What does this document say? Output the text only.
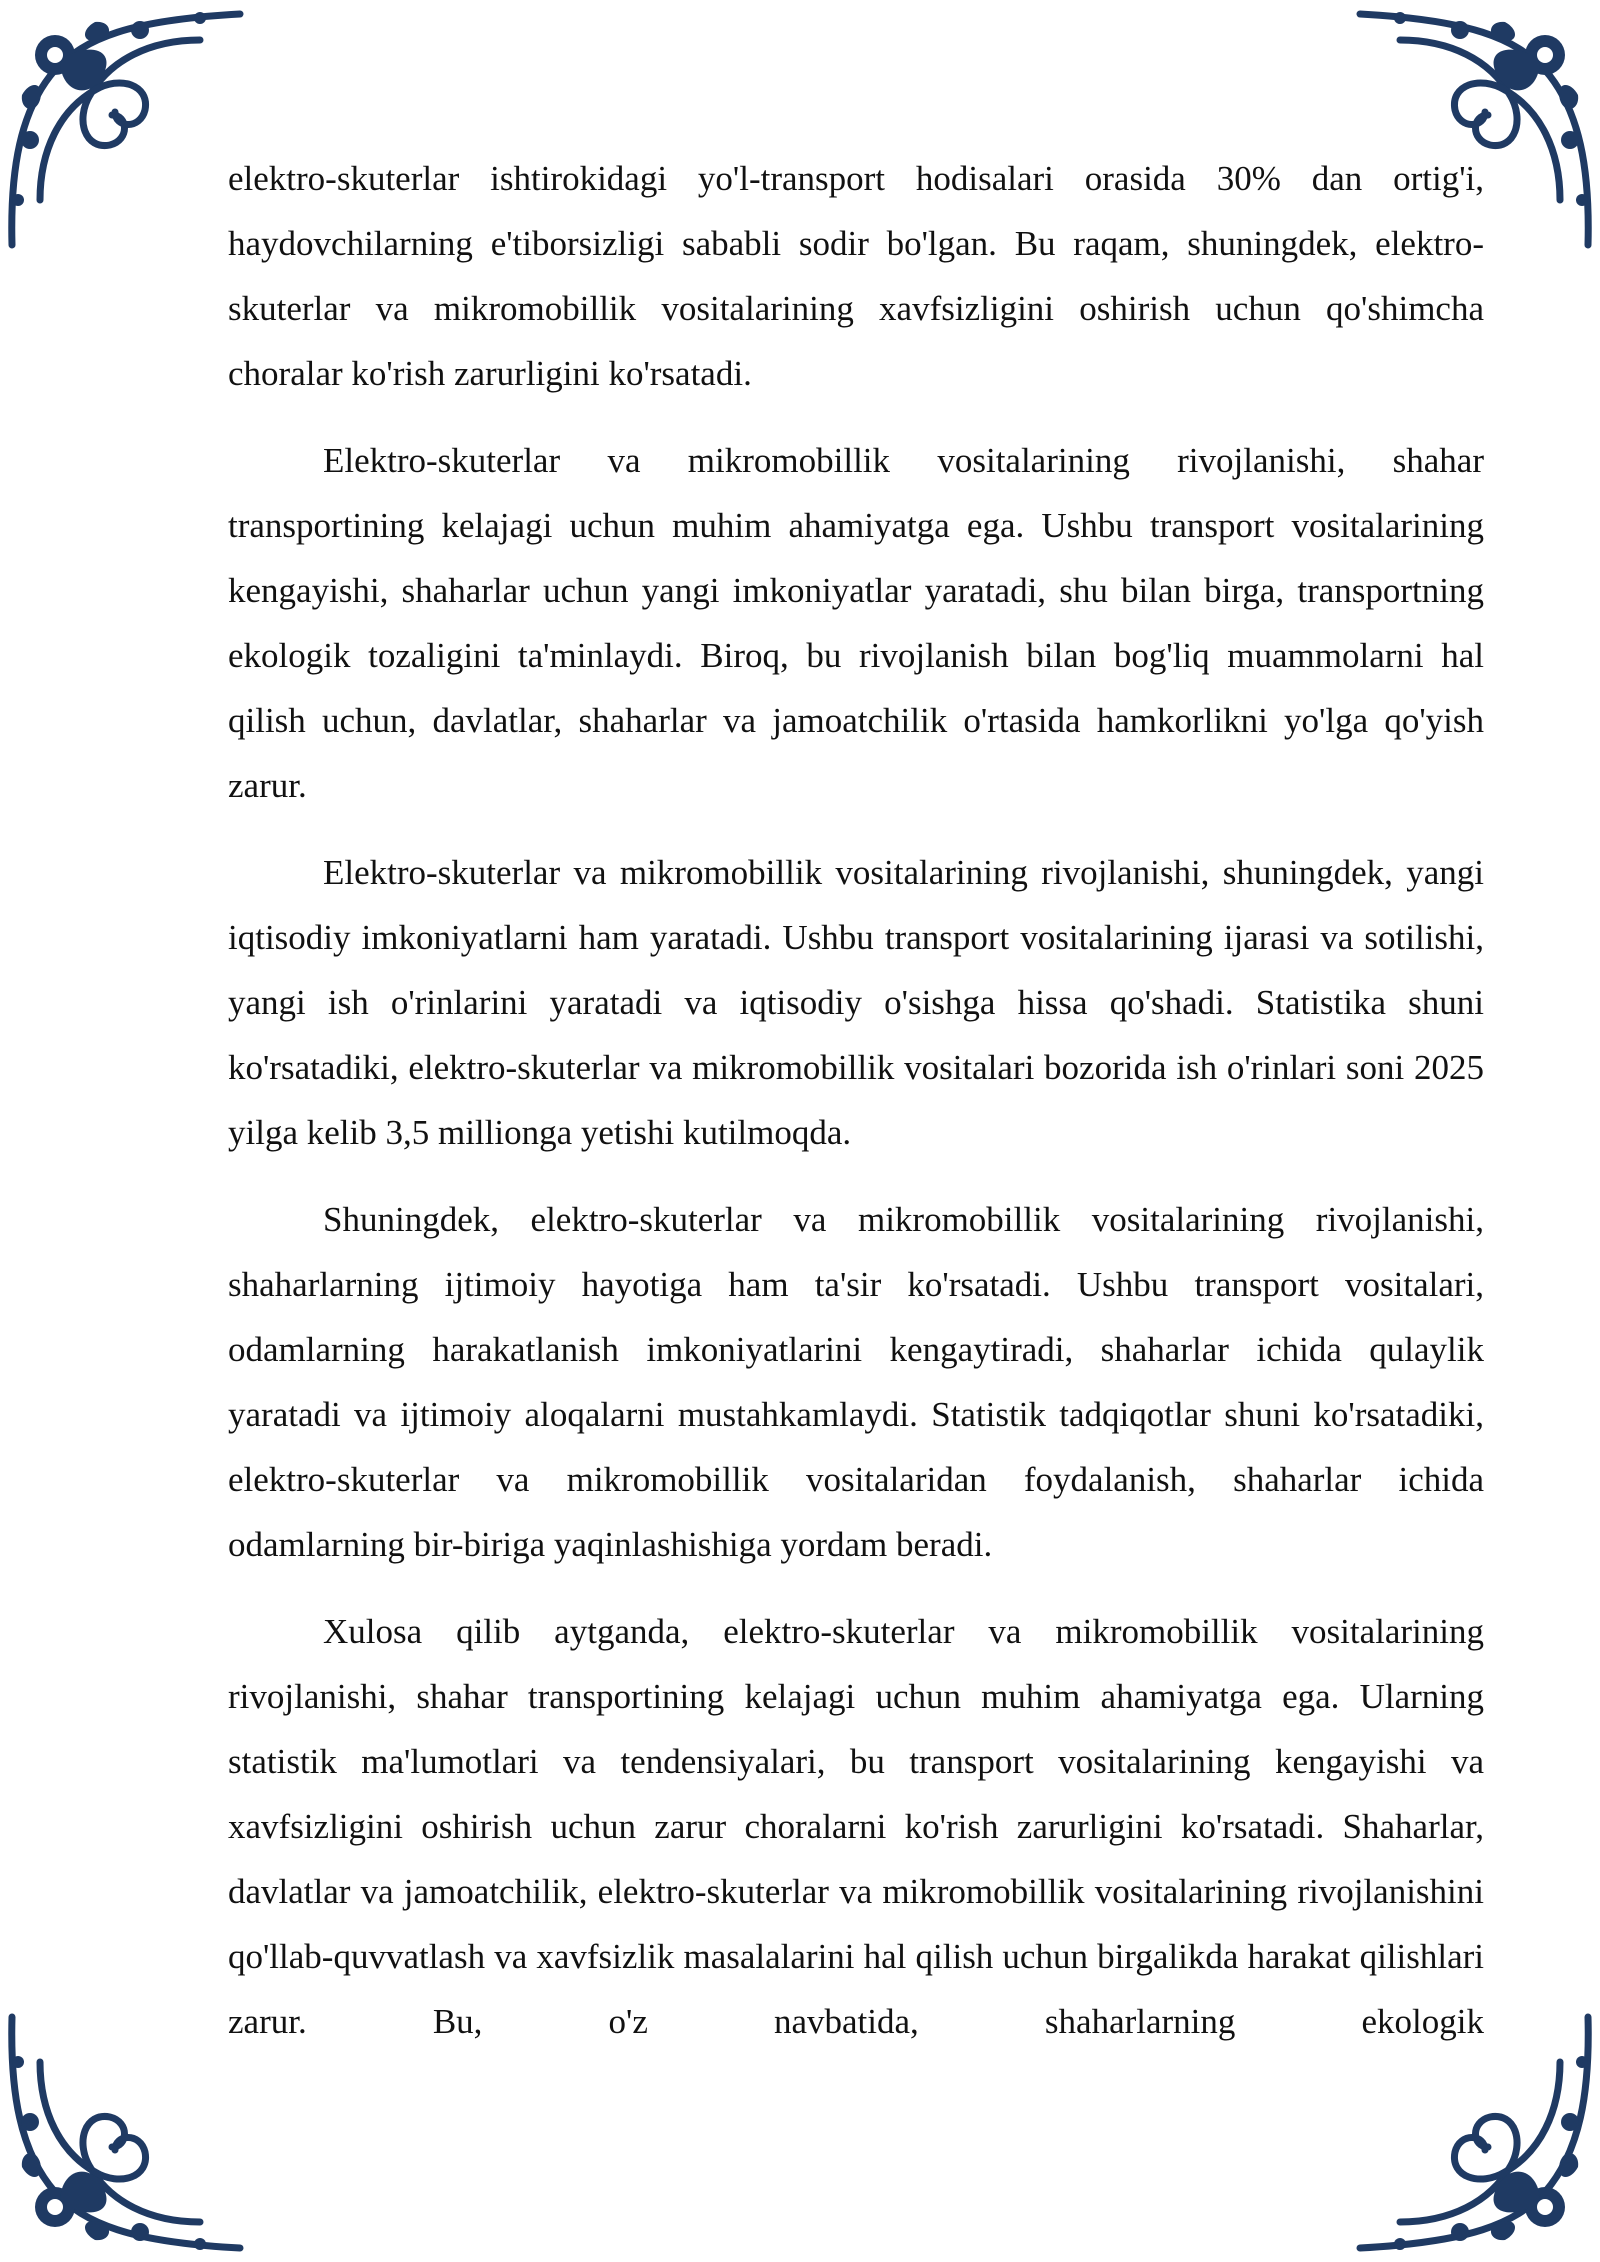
elektro-skuterlar ishtirokidagi yo'l-transport hodisalari orasida 30% dan ortig'i, haydovchilarning e'tiborsizligi sababli sodir bo'lgan. Bu raqam, shuningdek, elektro-skuterlar va mikromobillik vositalarining xavfsizligini oshirish uchun qo'shimcha choralar ko'rish zarurligini ko'rsatadi.

Elektro-skuterlar va mikromobillik vositalarining rivojlanishi, shahar transportining kelajagi uchun muhim ahamiyatga ega. Ushbu transport vositalarining kengayishi, shaharlar uchun yangi imkoniyatlar yaratadi, shu bilan birga, transportning ekologik tozaligini ta'minlaydi. Biroq, bu rivojlanish bilan bog'liq muammolarni hal qilish uchun, davlatlar, shaharlar va jamoatchilik o'rtasida hamkorlikni yo'lga qo'yish zarur.

Elektro-skuterlar va mikromobillik vositalarining rivojlanishi, shuningdek, yangi iqtisodiy imkoniyatlarni ham yaratadi. Ushbu transport vositalarining ijarasi va sotilishi, yangi ish o'rinlarini yaratadi va iqtisodiy o'sishga hissa qo'shadi. Statistika shuni ko'rsatadiki, elektro-skuterlar va mikromobillik vositalari bozorida ish o'rinlari soni 2025 yilga kelib 3,5 millionga yetishi kutilmoqda.

Shuningdek, elektro-skuterlar va mikromobillik vositalarining rivojlanishi, shaharlarning ijtimoiy hayotiga ham ta'sir ko'rsatadi. Ushbu transport vositalari, odamlarning harakatlanish imkoniyatlarini kengaytiradi, shaharlar ichida qulaylik yaratadi va ijtimoiy aloqalarni mustahkamlaydi. Statistik tadqiqotlar shuni ko'rsatadiki, elektro-skuterlar va mikromobillik vositalaridan foydalanish, shaharlar ichida odamlarning bir-biriga yaqinlashishiga yordam beradi.

Xulosa qilib aytganda, elektro-skuterlar va mikromobillik vositalarining rivojlanishi, shahar transportining kelajagi uchun muhim ahamiyatga ega. Ularning statistik ma'lumotlari va tendensiyalari, bu transport vositalarining kengayishi va xavfsizligini oshirish uchun zarur choralarni ko'rish zarurligini ko'rsatadi. Shaharlar, davlatlar va jamoatchilik, elektro-skuterlar va mikromobillik vositalarining rivojlanishini qo'llab-quvvatlash va xavfsizlik masalalarini hal qilish uchun birgalikda harakat qilishlari zarur. Bu, o'z navbatida, shaharlarning ekologik
